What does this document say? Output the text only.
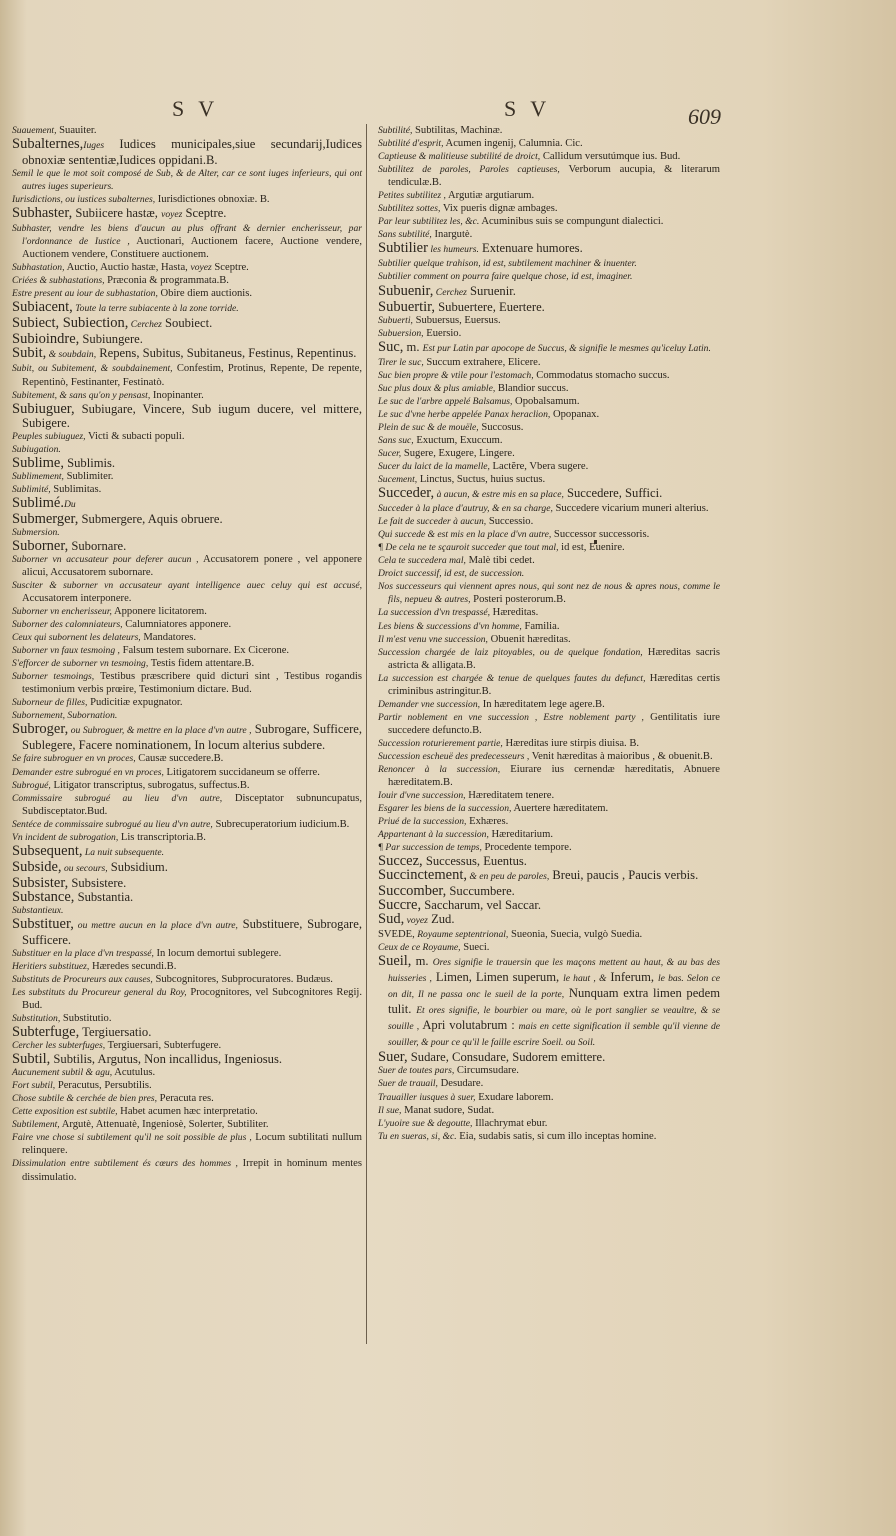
SV	SV	609

Suauement, Suauiter.

Subalternes,Iuges Iudices municipales,siue secundarij,Iudices obnoxiæ sententiæ,Iudices oppidani.B.

Semil le que le mot soit composé de Sub, & de Alter, car ce sont iuges inferieurs, qui ont autres iuges superieurs.

Iurisdictions, ou iustices subalternes, Iurisdictiones obnoxiæ. B.

Subhaster, Subiicere hastæ, voyez Sceptre.

Subhaster, vendre les biens d'aucun au plus offrant & dernier encherisseur, par l'ordonnance de Iustice , Auctionari, Auctionem facere, Auctione vendere, Auctionem vendere, Constituere auctionem.

Subhastation, Auctio, Auctio hastæ, Hasta, voyez Sceptre.

Criées & subhastations, Præconia & programmata.B.

Estre present au iour de subhastation, Obire diem auctionis.

Subiacent, Toute la terre subiacente à la zone torride.

Subiect, Subiection, Cerchez Soubiect.

Subioindre, Subiungere.

Subit, & soubdain, Repens, Subitus, Subitaneus, Festinus, Repentinus.

Subit, ou Subitement, & soubdainement, Confestim, Protinus, Repente, De repente, Repentinò, Festinanter, Festinatò.

Subitement, & sans qu'on y pensast, Inopinanter.

Subiuguer, Subiugare, Vincere, Sub iugum ducere, vel mittere, Subigere.

Peuples subiuguez, Victi & subacti populi.

Subiugation.

Sublime, Sublimis.

Sublimement, Sublimiter.

Sublimité, Sublimitas.

Sublimé.Du

Submerger, Submergere, Aquis obruere.

Submersion.

Suborner, Subornare.

Suborner vn accusateur pour deferer aucun , Accusatorem ponere , vel apponere alicui, Accusatorem subornare.

Susciter & suborner vn accusateur ayant intelligence auec celuy qui est accusé, Accusatorem interponere.

Suborner vn encherisseur, Apponere licitatorem.

Suborner des calomniateurs, Calumniatores apponere.

Ceux qui subornent les delateurs, Mandatores.

Suborner vn faux tesmoing , Falsum testem subornare. Ex Cicerone.

S'efforcer de suborner vn tesmoing, Testis fidem attentare.B.

Suborner tesmoings, Testibus præscribere quid dicturi sint , Testibus rogandis testimonium verbis prœire, Testimonium dictare. Bud.

Suborneur de filles, Pudicitiæ expugnator.

Subornement, Subornation.

Subroger, ou Subroguer, & mettre en la place d'vn autre , Subrogare, Sufficere, Sublegere, Facere nominationem, In locum alterius subdere.

Se faire subroguer en vn proces, Causæ succedere.B.

Demander estre subrogué en vn proces, Litigatorem succidaneum se offerre.

Subrogué, Litigator transcriptus, subrogatus, suffectus.B.

Commissaire subrogué au lieu d'vn autre, Disceptator subnuncupatus, Subdisceptator.Bud.

Sentéce de commissaire subrogué au lieu d'vn autre, Subrecuperatorium iudicium.B.

Vn incident de subrogation, Lis transcriptoria.B.

Subsequent, La nuit subsequente.

Subside, ou secours, Subsidium.

Subsister, Subsistere.

Substance, Substantia.

Substantieux.

Substituer, ou mettre aucun en la place d'vn autre, Substituere, Subrogare, Sufficere.

Substituer en la place d'vn trespassé, In locum demortui sublegere.

Heritiers substituez, Hæredes secundi.B.

Substituts de Procureurs aux causes, Subcognitores, Subprocuratores. Budæus.

Les substituts du Procureur general du Roy, Procognitores, vel Subcognitores Regij. Bud.

Substitution, Substitutio.

Subterfuge, Tergiuersatio.

Cercher les subterfuges, Tergiuersari, Subterfugere.

Subtil, Subtilis, Argutus, Non incallidus, Ingeniosus.

Aucunement subtil & agu, Acutulus.

Fort subtil, Peracutus, Persubtilis.

Chose subtile & cerchée de bien pres, Peracuta res.

Cette exposition est subtile, Habet acumen hæc interpretatio.

Subtilement, Argutè, Attenuatè, Ingeniosè, Solerter, Subtiliter.

Faire vne chose si subtilement qu'il ne soit possible de plus , Locum subtilitati nullum relinquere.

Dissimulation entre subtilement és cœurs des hommes , Irrepit in hominum mentes dissimulatio.

Subtilité, Subtilitas, Machinæ.

Subtilité d'esprit, Acumen ingenij, Calumnia. Cic.

Captieuse & malitieuse subtilité de droict, Callidum versutúmque ius. Bud.

Subtilitez de paroles, Paroles captieuses, Verborum aucupia, & literarum tendiculæ.B.

Petites subtilitez , Argutiæ argutiarum.

Subtilitez sottes, Vix pueris dignæ ambages.

Par leur subtilitez les, &c. Acuminibus suis se compungunt dialectici.

Sans subtilité, Inargutè.

Subtilier les humeurs. Extenuare humores.

Subtilier quelque trahison, id est, subtilement machiner & inuenter.

Subtilier comment on pourra faire quelque chose, id est, imaginer.

Subuenir, Cerchez Suruenir.

Subuertir, Subuertere, Euertere.

Subuerti, Subuersus, Euersus.

Subuersion, Euersio.

Suc, m. Est pur Latin par apocope de Succus, & signifie le mesmes qu'iceluy Latin.

Tirer le suc, Succum extrahere, Elicere.

Suc bien propre & vtile pour l'estomach, Commodatus stomacho succus.

Suc plus doux & plus amiable, Blandior succus.

Le suc de l'arbre appelé Balsamus, Opobalsamum.

Le suc d'vne herbe appelée Panax heraclion, Opopanax.

Plein de suc & de mouële, Succosus.

Sans suc, Exuctum, Exuccum.

Sucer, Sugere, Exugere, Lingere.

Sucer du laict de la mamelle, Lactĕre, Vbera sugere.

Sucement, Linctus, Suctus, huius suctus.

Succeder, à aucun, & estre mis en sa place, Succedere, Suffici.

Succeder à la place d'autruy, & en sa charge, Succedere vicarium muneri alterius.

Le fait de succeder à aucun, Successio.

Qui succede & est mis en la place d'vn autre, Successor successoris.

¶ De cela ne te sçauroit succeder que tout mal, id est, Euenire.

Cela te succedera mal, Malè tibi cedet.

Droict successif, id est, de succession.

Nos successeurs qui viennent apres nous, qui sont nez de nous & apres nous, comme le fils, nepueu & autres, Posteri posterorum.B.

La succession d'vn trespassé, Hæreditas.

Les biens & successions d'vn homme, Familia.

Il m'est venu vne succession, Obuenit hæreditas.

Succession chargée de laiz pitoyables, ou de quelque fondation, Hæreditas sacris astricta & alligata.B.

La succession est chargée & tenue de quelques fautes du defunct, Hæreditas certis criminibus astringitur.B.

Demander vne succession, In hæreditatem lege agere.B.

Partir noblement en vne succession , Estre noblement party , Gentilitatis iure succedere defuncto.B.

Succession roturierement partie, Hæreditas iure stirpis diuisa. B.

Succession escheuë des predecesseurs , Venit hæreditas à maioribus , & obuenit.B.

Renoncer à la succession, Eiurare ius cernendæ hæreditatis, Abnuere hæreditatem.B.

Iouir d'vne succession, Hæreditatem tenere.

Esgarer les biens de la succession, Auertere hæreditatem.

Priué de la succession, Exhæres.

Appartenant à la succession, Hæreditarium.

¶ Par succession de temps, Procedente tempore.

Succez, Successus, Euentus.

Succinctement, & en peu de paroles, Breui, paucis , Paucis verbis.

Succomber, Succumbere.

Succre, Saccharum, vel Saccar.

Sud, voyez Zud.

SVEDE, Royaume septentrional, Sueonia, Suecia, vulgò Suedia.

Ceux de ce Royaume, Sueci.

Sueil, m. Ores signifie le trauersin que les maçons mettent au haut, & au bas des huisseries , Limen, Limen superum, le haut , & Inferum, le bas. Selon ce on dit, Il ne passa onc le sueil de la porte, Nunquam extra limen pedem tulit. Et ores signifie, le bourbier ou mare, où le port sanglier se veaultre, & se souille , Apri volutabrum : mais en cette signification il semble qu'il vienne de souiller, & pour ce qu'il le faille escrire Soeil. ou Soil.

Suer, Sudare, Consudare, Sudorem emittere.

Suer de toutes pars, Circumsudare.

Suer de trauail, Desudare.

Trauailler iusques à suer, Exudare laborem.

Il sue, Manat sudore, Sudat.

L'yuoire sue & degoutte, Illachrymat ebur.

Tu en sueras, si, &c. Eia, sudabis satis, si cum illo inceptas homine.
